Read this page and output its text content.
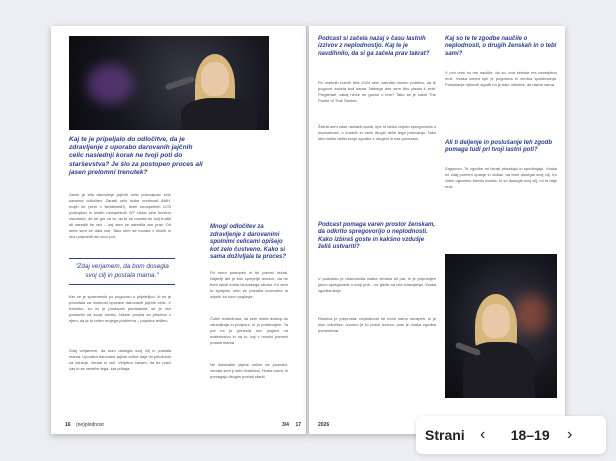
Kaj te je pripeljalo do odločitve, da je zdravljenje z uporabo darovanih jajčnih celic naslednji korak ne tvoji poti do starševstva? Je šlo za postopen proces ali jasen prelomni trenutek?
Zame je bila darovanje jajčnih celic pravzaprav zelo naravna odločitev. Zaradi zelo nizke vrednosti AMH, mojih let (sem v štiridesetih), dveh neuspešnih ICSI postopkov in šestih neuspešnih IVF ciklov sem končno razumela, da ne gre za to, da bi se morala še bolj truditi ali narediti še več – saj sem že naredila vse prav. Od sebe sem že dala vse. Tako sem se morala v mislih in srcu pripraviti na novo pot.
"Zdaj verjamem, da bom dosegla svoj cilj in postala mama."
Ker se je spremenilo po pogovoru s prijateljico, ki mi je povedala za možnost uporabe darovanih jajčnih celic. V trenutku, ko mi je postopek predstavila, se je vse postavilo na svoje mesto. Nisem prosila za prisotno v njem, da je to reitev mojega problema – popolna rešitev.
Zdaj verjamem, da bom dosegla svoj cilj in postala mama. Uporaba darovane jajčne celice daje mi priložnost za zdravje. Ideala ni več. Verjetno čakam, da bo pravi čas in se veselim tega, kar prihaja.
Mnogi odločitev za zdravljenje z darovanimi spolnimi celicami opišejo kot zelo čustveno. Kako si sama doživljala ta proces?
Pri meni postopek ni bil preveč težak. Najtežji del je bilo sprejetje resnice, da ne bom nikoli imela biološkega otroka. Ko sem to sprejela, sem se počutila svobodno in odprto za novo poglavje.
Čutim hvaležnost, da sem imela dostop do zdravljenja in podpore, ki jo potrebujem. Ta pot mi je prinesla nov pogled na materinstvo in na to, kaj v resnici pomeni postati mama.
Ne darovalke jajčne celice ne poznam, vendar sem ji zelo hvaležna. Hvala vsem, ki pomagajo drugim postati starši.
16 (ne)plodnost	17
Podcast si začela nazaj v času lastnih izzivov z neplodnostjo. Kaj te je navdihnilo, da si ga začela prav takrat?
Po osebnih izzivih leta 2024 sem začutila močno potrebo, da bi pogovor začela tudi sama. Nekega dne sem tiho pisala k sebi: Pregledati, zakaj nihče ne govori o tem? Tako se je začel The Power of True Stories.
Želela sem zase ustvariti kanal, kjer bi lahko odprto spregovorila o neplodnosti, o čustvih in vseh drugih delih tega potovanja. Tako sem lahko delila svojo zgodbo z drugimi in nas povezala.
Podcast pomaga varen prostor ženskam, da odkrito spregovorijo o neplodnosti. Kako izbiraš goste in kakšno vzdušje želiš ustvariti?
V podcastu je dobrodošla vsaka ženska ali par, ki je pripravljen javno spregovoriti o svoji poti – ne glede na izid zdravljenja. Vsaka zgodba šteje.
Resnica je preprosta: neplodnost ne more samo neuspeh, ki je niso odločitev. Izvorno je to polno izzivov, zato je vsaka zgodba pomembna.
Kaj so te te zgodbe naučile o neplodnosti, o drugih ženskah in o tebi sami?
V prvi vrsti so me naučile, da so, ima ženske res neverjetno moč. Vsaka izmed njih je pogumna in vredna spoštovanja. Poslušanje njihovih zgodb mi je dalo občutek, da nisem sama.
Ali ti deljenje in poslušanje teh zgodb pomaga tudi pri tvoji lastni poti?
Zagotovo. Te zgodbe mi hkrati prinašajo in spodbujajo. Vsaka mi zdaj pomeni upanje in dokaz, da bom dosegla svoj cilj. Ko vidim ogromno število mamic, ki so dosegle svoj cilj, mi to daje moč.
2026
3/4
Strani ‹	18–19	›
